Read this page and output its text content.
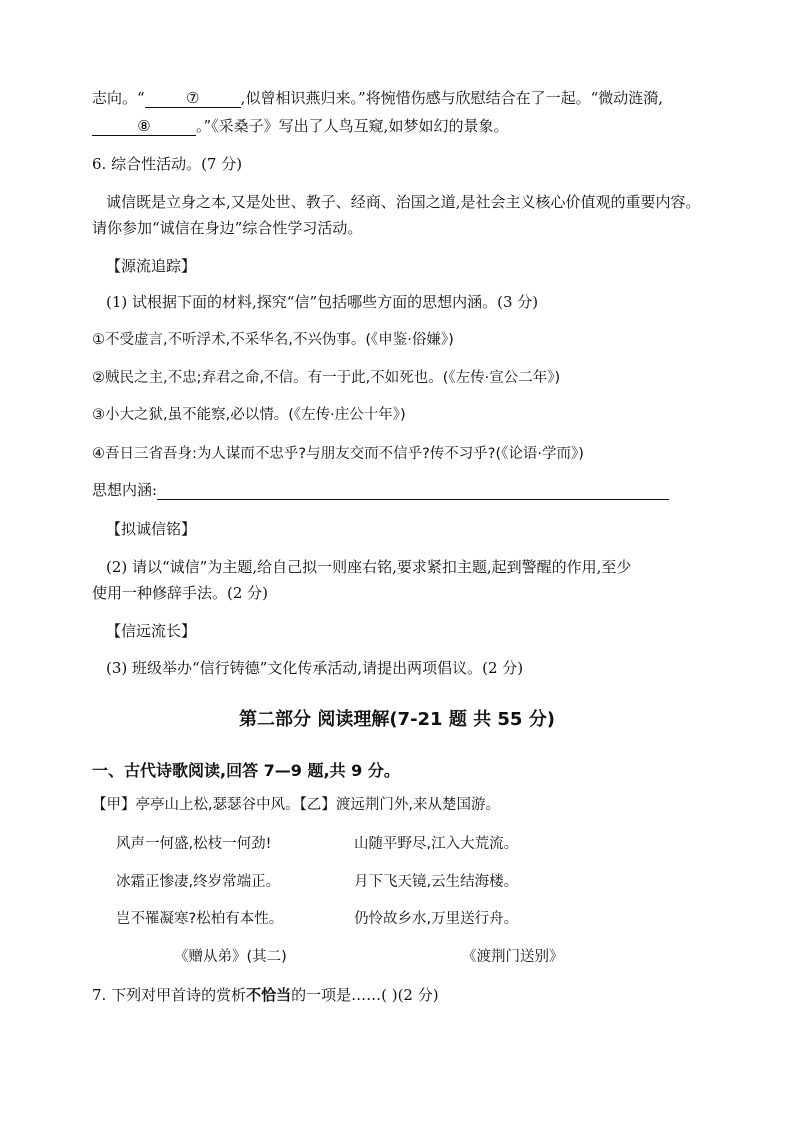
志向。“	⑦	,似曾相识燕归来。”将惋惜伤感与欣慰结合在了一起。“微动涟漪,
⑧	。”《采桑子》写出了人鸟互窥,如梦如幻的景象。
6. 综合性活动。(7 分)
诚信既是立身之本,又是处世、教子、经商、治国之道,是社会主义核心价值观的重要内容。
请你参加“诚信在身边”综合性学习活动。
【源流追踪】
(1) 试根据下面的材料,探究“信”包括哪些方面的思想内涵。(3 分)
①不受虚言,不听浮术,不采华名,不兴伪事。(《申鉴·俗嫌》)
②贼民之主,不忠;弃君之命,不信。有一于此,不如死也。(《左传·宣公二年》)
③小大之狱,虽不能察,必以情。(《左传·庄公十年》)
④吾日三省吾身:为人谋而不忠乎?与朋友交而不信乎?传不习乎?(《论语·学而》)
思想内涵:
【拟诚信铭】
(2) 请以“诚信”为主题,给自己拟一则座右铭,要求紧扣主题,起到警醒的作用,至少
使用一种修辞手法。(2 分)
【信远流长】
(3) 班级举办“信行铸德”文化传承活动,请提出两项倡议。(2 分)
第二部分 阅读理解(7-21 题 共 55 分)
一、古代诗歌阅读,回答 7—9 题,共 9 分。
【甲】亭亭山上松,瑟瑟谷中风。【乙】渡远荆门外,来从楚国游。
风声一何盛,松枝一何劲!	山随平野尽,江入大荒流。
冰霜正惨凄,终岁常端正。	月下飞天镜,云生结海楼。
岂不罹凝寒?松柏有本性。	仍怜故乡水,万里送行舟。
《赠从弟》(其二)	《渡荆门送别》
7. 下列对甲首诗的赏析不恰当的一项是……( )(2 分)
